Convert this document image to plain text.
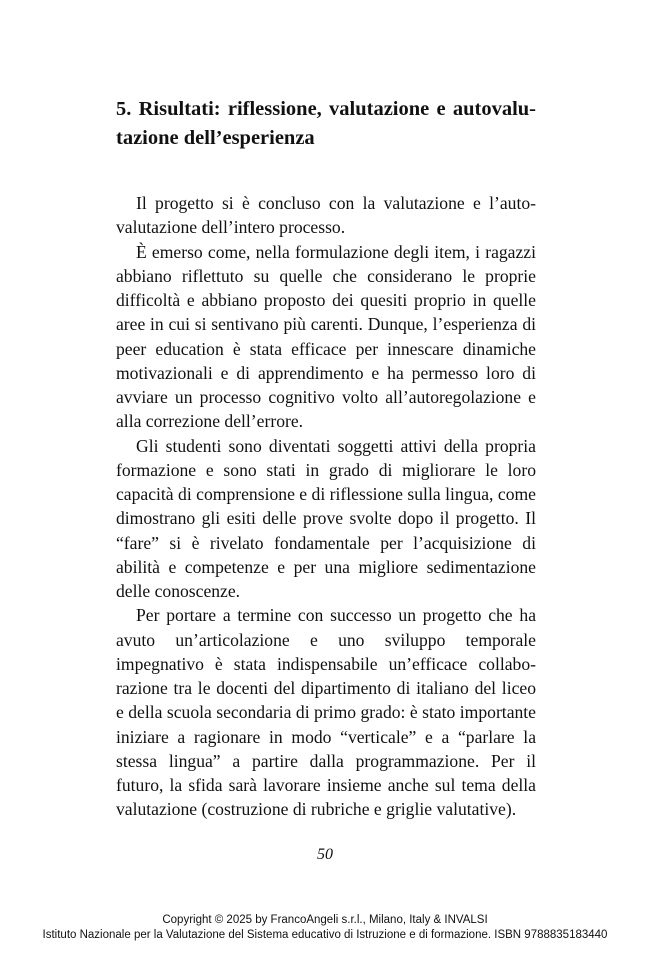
5. Risultati: riflessione, valutazione e autovalutazione dell’esperienza

Il progetto si è concluso con la valutazione e l’autovalutazione dell’intero processo.

È emerso come, nella formulazione degli item, i ragazzi abbiano riflettuto su quelle che considerano le proprie difficoltà e abbiano proposto dei quesiti proprio in quelle aree in cui si sentivano più carenti. Dunque, l’esperienza di peer education è stata efficace per innescare dinamiche motivazionali e di apprendimento e ha permesso loro di avviare un processo cognitivo volto all’autoregolazione e alla correzione dell’errore.

Gli studenti sono diventati soggetti attivi della propria formazione e sono stati in grado di migliorare le loro capacità di comprensione e di riflessione sulla lingua, come dimostrano gli esiti delle prove svolte dopo il progetto. Il “fare” si è rivelato fondamentale per l’acquisizione di abilità e competenze e per una migliore sedimentazione delle conoscenze.

Per portare a termine con successo un progetto che ha avuto un’articolazione e uno sviluppo temporale impegnativo è stata indispensabile un’efficace collaborazione tra le docenti del dipartimento di italiano del liceo e della scuola secondaria di primo grado: è stato importante iniziare a ragionare in modo “verticale” e a “parlare la stessa lingua” a partire dalla programmazione. Per il futuro, la sfida sarà lavorare insieme anche sul tema della valutazione (costruzione di rubriche e griglie valutative).

50
Copyright © 2025 by FrancoAngeli s.r.l., Milano, Italy & INVALSI
Istituto Nazionale per la Valutazione del Sistema educativo di Istruzione e di formazione. ISBN 9788835183440
